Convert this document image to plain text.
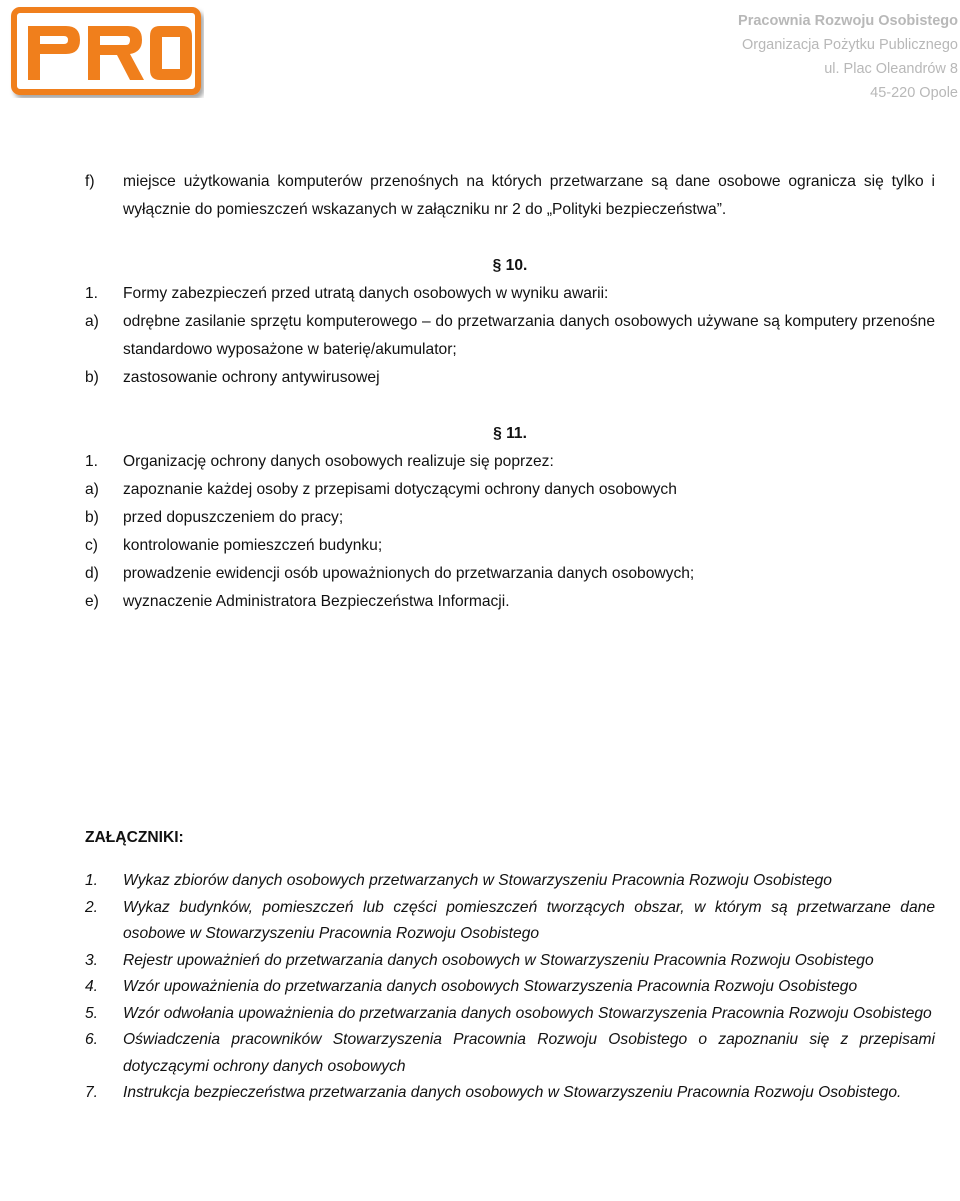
Pracownia Rozwoju Osobistego
Organizacja Pożytku Publicznego
ul. Plac Oleandrów 8
45-220 Opole
f) miejsce użytkowania komputerów przenośnych na których przetwarzane są dane osobowe ogranicza się tylko i wyłącznie do pomieszczeń wskazanych w załączniku nr 2 do „Polityki bezpieczeństwa”.
§ 10.
1. Formy zabezpieczeń przed utratą danych osobowych w wyniku awarii:
a) odrębne zasilanie sprzętu komputerowego – do przetwarzania danych osobowych używane są komputery przenośne standardowo wyposażone w baterię/akumulator;
b) zastosowanie ochrony antywirusowej
§ 11.
1. Organizację ochrony danych osobowych realizuje się poprzez:
a) zapoznanie każdej osoby z przepisami dotyczącymi ochrony danych osobowych
b) przed dopuszczeniem do pracy;
c) kontrolowanie pomieszczeń budynku;
d) prowadzenie ewidencji osób upoważnionych do przetwarzania danych osobowych;
e) wyznaczenie Administratora Bezpieczeństwa Informacji.
ZAŁĄCZNIKI:
1. Wykaz zbiorów danych osobowych przetwarzanych w Stowarzyszeniu Pracownia Rozwoju Osobistego
2. Wykaz budynków, pomieszczeń lub części pomieszczeń tworzących obszar, w którym są przetwarzane dane osobowe w Stowarzyszeniu Pracownia Rozwoju Osobistego
3. Rejestr upoważnień do przetwarzania danych osobowych w Stowarzyszeniu Pracownia Rozwoju Osobistego
4. Wzór upoważnienia do przetwarzania danych osobowych Stowarzyszenia Pracownia Rozwoju Osobistego
5. Wzór odwołania upoważnienia do przetwarzania danych osobowych Stowarzyszenia Pracownia Rozwoju Osobistego
6. Oświadczenia pracowników Stowarzyszenia Pracownia Rozwoju Osobistego o zapoznaniu się z przepisami dotyczącymi ochrony danych osobowych
7. Instrukcja bezpieczeństwa przetwarzania danych osobowych w Stowarzyszeniu Pracownia Rozwoju Osobistego.
